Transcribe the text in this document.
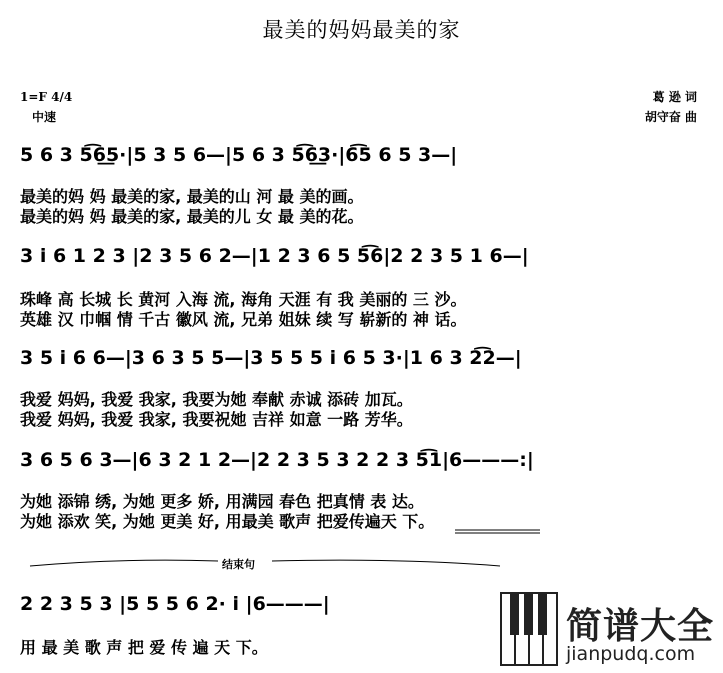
最美的妈妈最美的家
1=F 4/4
中速
葛 逊 词
胡守奋 曲
5 6 3 5͡6͟5·|5 3 5 6—|5 6 3 5͡6͟3·|6͡5 6 5 3—|
最美的妈 妈 最美的家, 最美的山 河 最 美的画。
最美的妈 妈 最美的家, 最美的儿 女 最 美的花。
3 i 6 1 2 3 |2 3 5 6 2—|1 2 3 6 5 5͡6|2 2 3 5 1 6—|
珠峰 高 长城 长 黄河 入海 流, 海角 天涯 有 我 美丽的 三 沙。
英雄 汉 巾帼 情 千古 徽风 流, 兄弟 姐妹 续 写 崭新的 神 话。
3 5 i 6 6—|3 6 3 5 5—|3 5 5 5 i 6 5 3·|1 6 3 2͡2—|
我爱 妈妈, 我爱 我家, 我要为她 奉献 赤诚 添砖 加瓦。
我爱 妈妈, 我爱 我家, 我要祝她 吉祥 如意 一路 芳华。
3 6 5 6 3—|6 3 2 1 2—|2 2 3 5 3 2 2 3 5͡1|6———:|
为她 添锦 绣, 为她 更多 娇, 用满园 春色 把真情 表 达。
为她 添欢 笑, 为她 更美 好, 用最美 歌声 把爱传遍天 下。
结束句
2 2 3 5 3 |5 5 5 6 2· i |6———|
用 最 美 歌 声 把 爱 传 遍 天 下。
简谱大全
jianpudq.com
